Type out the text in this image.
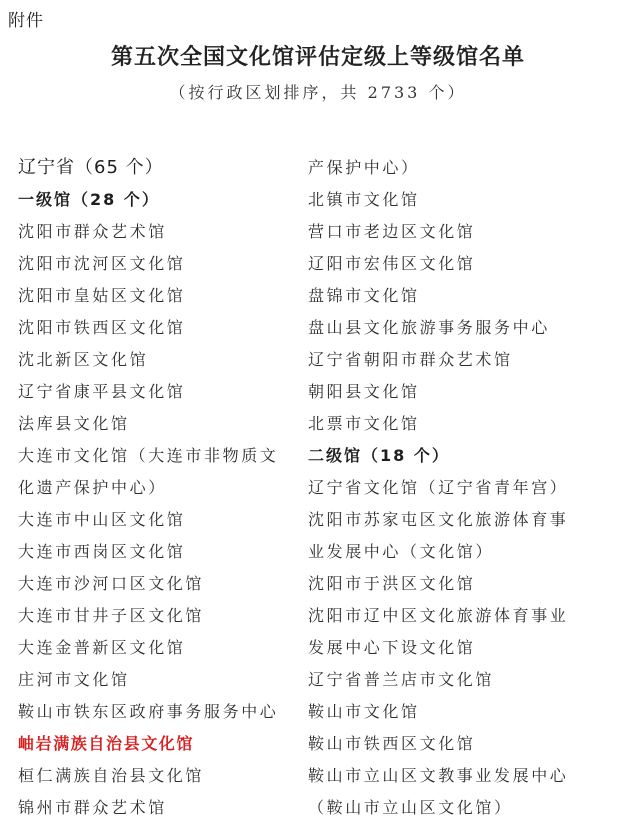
附件
第五次全国文化馆评估定级上等级馆名单
（按行政区划排序，共 2733 个）
辽宁省（65 个）
一级馆（28 个）
沈阳市群众艺术馆
沈阳市沈河区文化馆
沈阳市皇姑区文化馆
沈阳市铁西区文化馆
沈北新区文化馆
辽宁省康平县文化馆
法库县文化馆
大连市文化馆（大连市非物质文
化遗产保护中心）
大连市中山区文化馆
大连市西岗区文化馆
大连市沙河口区文化馆
大连市甘井子区文化馆
大连金普新区文化馆
庄河市文化馆
鞍山市铁东区政府事务服务中心
岫岩满族自治县文化馆
桓仁满族自治县文化馆
锦州市群众艺术馆
产保护中心）
北镇市文化馆
营口市老边区文化馆
辽阳市宏伟区文化馆
盘锦市文化馆
盘山县文化旅游事务服务中心
辽宁省朝阳市群众艺术馆
朝阳县文化馆
北票市文化馆
二级馆（18 个）
辽宁省文化馆（辽宁省青年宫）
沈阳市苏家屯区文化旅游体育事
业发展中心（文化馆）
沈阳市于洪区文化馆
沈阳市辽中区文化旅游体育事业
发展中心下设文化馆
辽宁省普兰店市文化馆
鞍山市文化馆
鞍山市铁西区文化馆
鞍山市立山区文教事业发展中心
（鞍山市立山区文化馆）
